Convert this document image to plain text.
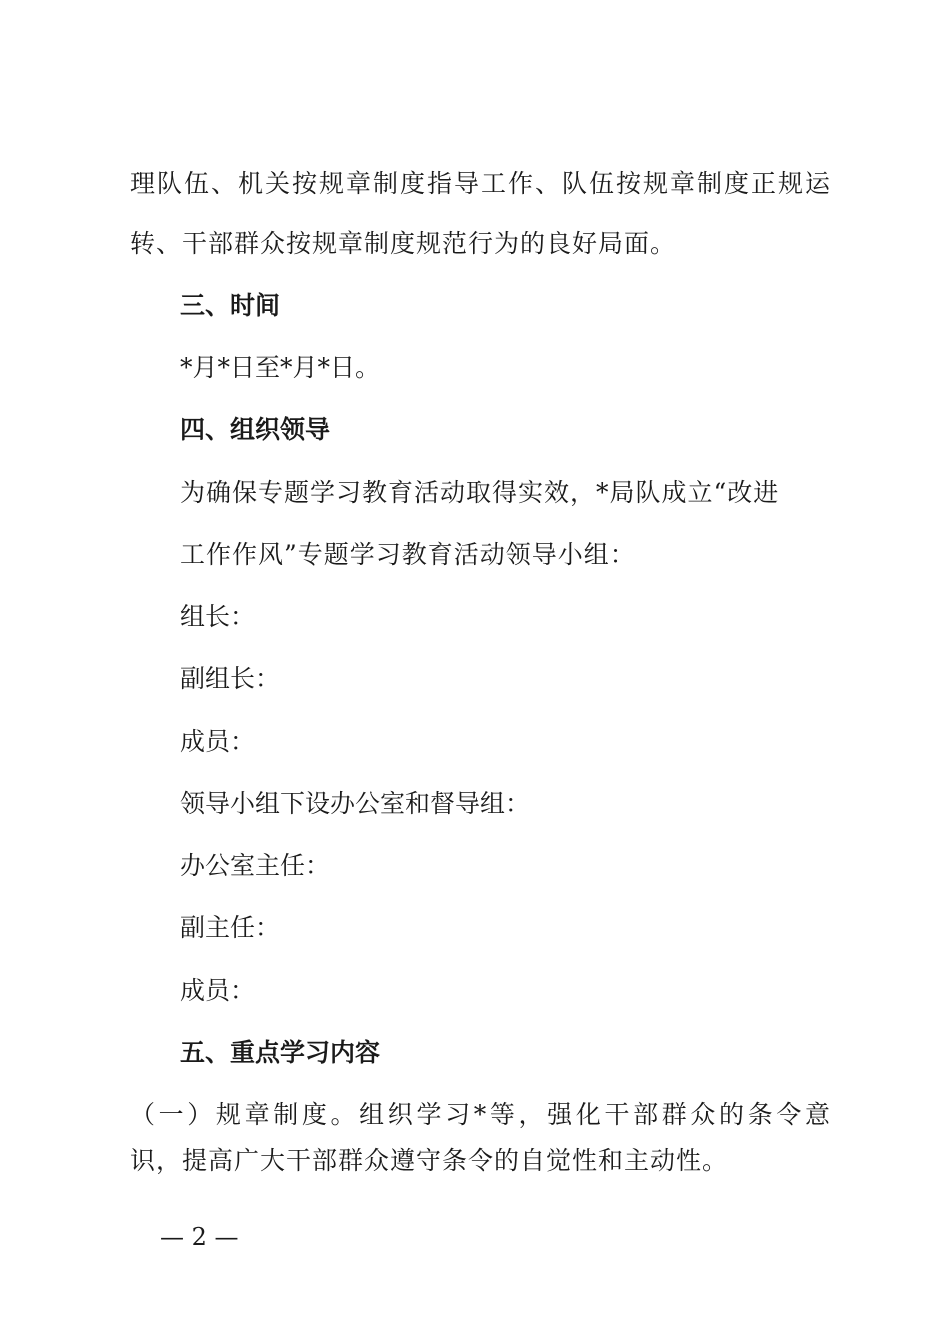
理队伍、机关按规章制度指导工作、队伍按规章制度正规运
转、干部群众按规章制度规范行为的良好局面。
三、时间
*月*日至*月*日。
四、组织领导
为确保专题学习教育活动取得实效，*局队成立“改进
工作作风”专题学习教育活动领导小组：
组长：
副组长：
成员：
领导小组下设办公室和督导组：
办公室主任：
副主任：
成员：
五、重点学习内容
（一）规章制度。组织学习*等，强化干部群众的条令意
识，提高广大干部群众遵守条令的自觉性和主动性。
— 2 —
